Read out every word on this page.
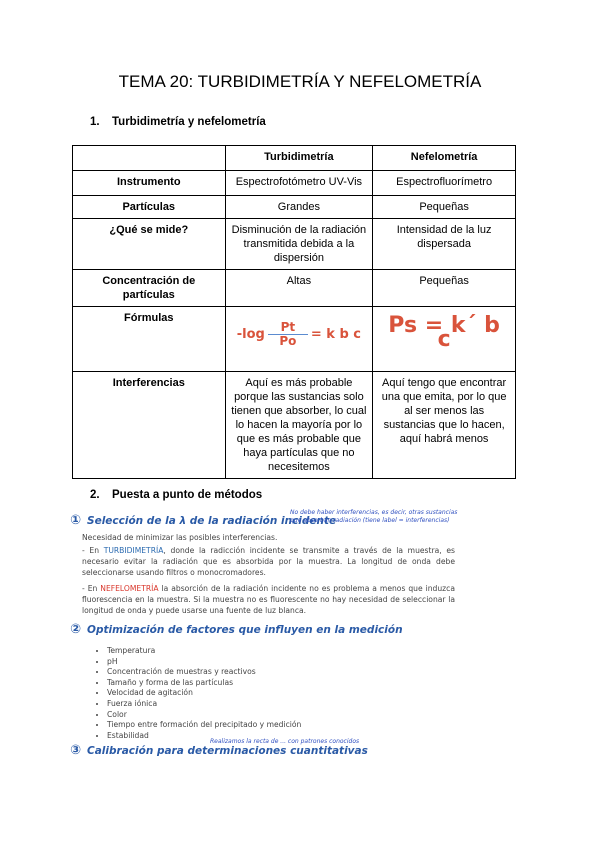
TEMA 20: TURBIDIMETRÍA Y NEFELOMETRÍA
1. Turbidimetría y nefelometría
	Turbidimetría	Nefelometría
Instrumento	Espectrofotómetro UV-Vis	Espectrofluorímetro
Partículas	Grandes	Pequeñas
¿Qué se mide?	Disminución de la radiación transmitida debida a la dispersión	Intensidad de la luz dispersada
Concentración de partículas	Altas	Pequeñas
Fórmulas	$-\log \frac{Pt}{Po} = k$ b c	Ps = k´ b c

Interferencias	Aquí es más probable porque las sustancias solo tienen que absorber, lo cual lo hacen la mayoría por lo que es más probable que haya partículas que no necesitemos	Aquí tengo que encontrar una que emita, por lo que al ser menos las sustancias que lo hacen, aquí habrá menos
2. Puesta a punto de métodos
① Selección de la λ de la radiación incidente
No debe haber interferencias, es decir, otras sustancias que absorban radiación (tiene label = interferencias)
Necesidad de minimizar las posibles interferencias.
- En TURBIDIMETRÍA, donde la radicción incidente se transmite a través de la muestra, es necesario evitar la radiación que es absorbida por la muestra. La longitud de onda debe seleccionarse usando filtros o monocromadores.
- En NEFELOMETRÍA la absorción de la radiación incidente no es problema a menos que induzca fluorescencia en la muestra. Si la muestra no es fluorescente no hay necesidad de seleccionar la longitud de onda y puede usarse una fuente de luz blanca.
② Optimización de factores que influyen en la medición
• Temperatura
• pH
• Concentración de muestras y reactivos
• Tamaño y forma de las partículas
• Velocidad de agitación
• Fuerza iónica
• Color
• Tiempo entre formación del precipitado y medición
• Estabilidad
Realizamos la recta de ... con patrones conocidos
③ Calibración para determinaciones cuantitativas
